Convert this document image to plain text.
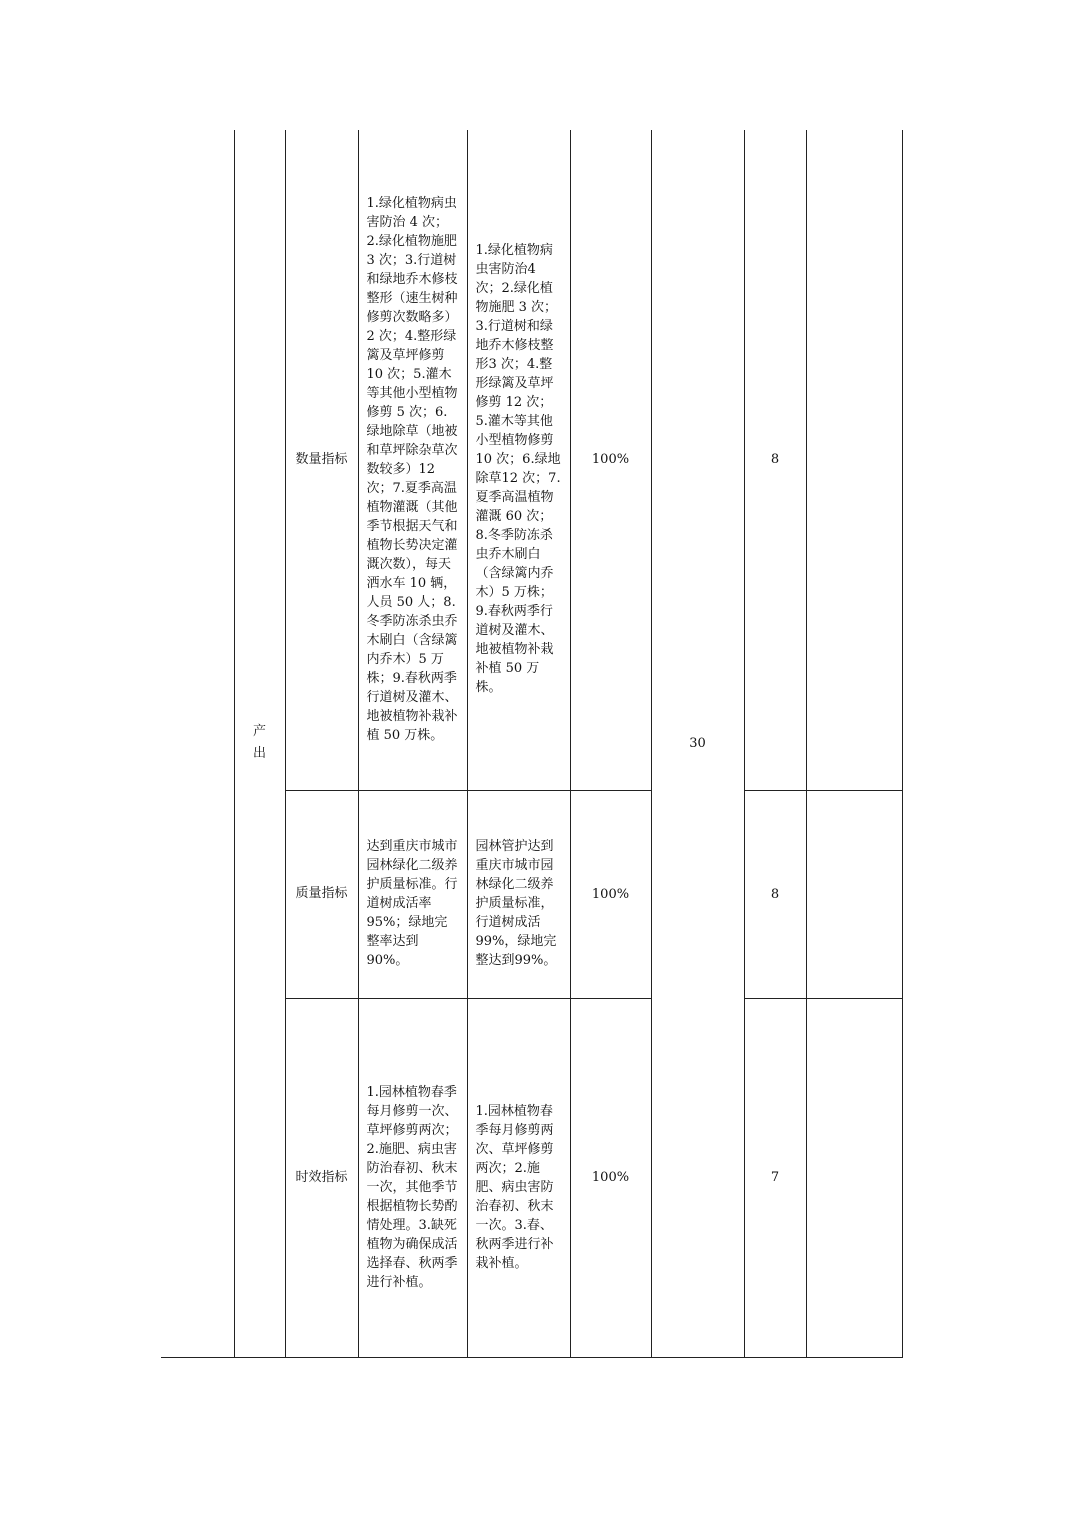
	产出	数量指标	1.绿化植物病虫害防治 4 次；2.绿化植物施肥 3 次；3.行道树和绿地乔木修枝整形（速生树种修剪次数略多）2 次；4.整形绿篱及草坪修剪 10 次；5.灌木等其他小型植物修剪 5 次；6.绿地除草（地被和草坪除杂草次数较多）12 次；7.夏季高温植物灌溉（其他季节根据天气和植物长势决定灌溉次数），每天洒水车 10 辆，人员 50 人；8.冬季防冻杀虫乔木刷白（含绿篱内乔木）5 万株；9.春秋两季行道树及灌木、地被植物补栽补植 50 万株。	1.绿化植物病虫害防治4 次；2.绿化植物施肥 3 次；3.行道树和绿地乔木修枝整形3 次；4.整形绿篱及草坪修剪 12 次；5.灌木等其他小型植物修剪 10 次；6.绿地除草12 次；7.夏季高温植物灌溉 60 次；8.冬季防冻杀虫乔木刷白（含绿篱内乔木）5 万株；9.春秋两季行道树及灌木、地被植物补栽补植 50 万株。	100%	30	8	
		质量指标	达到重庆市城市园林绿化二级养护质量标准。行道树成活率 95%；绿地完整率达到 90%。	园林管护达到重庆市城市园林绿化二级养护质量标准，行道树成活99%，绿地完整达到99%。	100%		8	
		时效指标	1.园林植物春季每月修剪一次、草坪修剪两次；2.施肥、病虫害防治春初、秋末一次，其他季节根据植物长势酌情处理。3.缺死植物为确保成活选择春、秋两季进行补植。	1.园林植物春季每月修剪两次、草坪修剪两次；2.施肥、病虫害防治春初、秋末一次。3.春、秋两季进行补栽补植。	100%		7	
